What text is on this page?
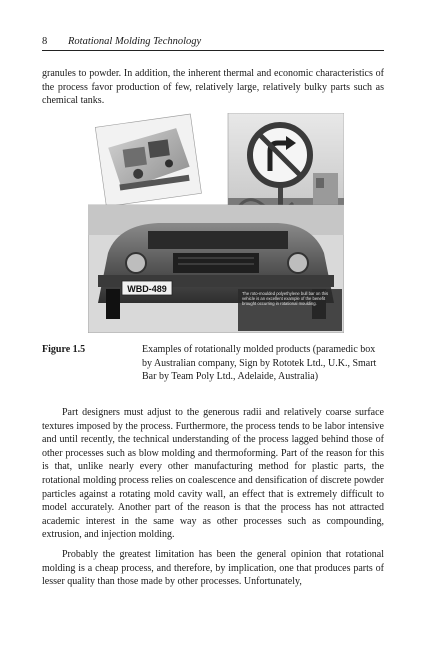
8 Rotational Molding Technology

granules to powder. In addition, the inherent thermal and economic characteristics of the process favor production of few, relatively large, relatively bulky parts such as chemical tanks.

WBD-489	The roto-moulded polyethylene bull bar on this vehicle is an excellent example of the benefit brought occurring in rotational moulding.
Figure 1.5	Examples of rotationally molded products (paramedic box by Australian company, Sign by Rototek Ltd., U.K., Smart Bar by Team Poly Ltd., Adelaide, Australia)

Part designers must adjust to the generous radii and relatively coarse surface textures imposed by the process. Furthermore, the process tends to be labor intensive and until recently, the technical understanding of the process lagged behind those of other processes such as blow molding and thermoforming. Part of the reason for this is that, unlike nearly every other manufacturing method for plastic parts, the rotational molding process relies on coalescence and densification of discrete powder particles against a rotating mold cavity wall, an effect that is extremely difficult to model accurately. Another part of the reason is that the process has not attracted academic interest in the same way as other processes such as compounding, extrusion, and injection molding.

Probably the greatest limitation has been the general opinion that rotational molding is a cheap process, and therefore, by implication, one that produces parts of lesser quality than those made by other processes. Unfortunately,
